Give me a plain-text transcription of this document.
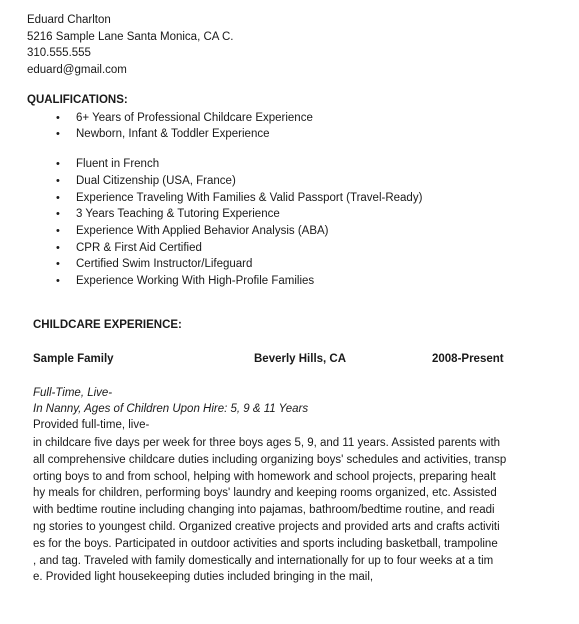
Eduard Charlton
5216 Sample Lane Santa Monica, CA C.
310.555.555
eduard@gmail.com
QUALIFICATIONS:
• 6+ Years of Professional Childcare Experience
• Newborn, Infant & Toddler Experience
• Fluent in French
• Dual Citizenship (USA, France)
• Experience Traveling With Families & Valid Passport (Travel-Ready)
• 3 Years Teaching & Tutoring Experience
• Experience With Applied Behavior Analysis (ABA)
• CPR & First Aid Certified
• Certified Swim Instructor/Lifeguard
• Experience Working With High-Profile Families
CHILDCARE EXPERIENCE:
Sample Family	Beverly Hills, CA	2008-Present
Full-Time, Live-
In Nanny, Ages of Children Upon Hire: 5, 9 & 11 Years
Provided full-time, live-
in childcare five days per week for three boys ages 5, 9, and 11 years. Assisted parents with
all comprehensive childcare duties including organizing boys' schedules and activities, transp
orting boys to and from school, helping with homework and school projects, preparing healt
hy meals for children, performing boys' laundry and keeping rooms organized, etc. Assisted
with bedtime routine including changing into pajamas, bathroom/bedtime routine, and readi
ng stories to youngest child. Organized creative projects and provided arts and crafts activiti
es for the boys. Participated in outdoor activities and sports including basketball, trampoline
, and tag. Traveled with family domestically and internationally for up to four weeks at a tim
e. Provided light housekeeping duties included bringing in the mail,
